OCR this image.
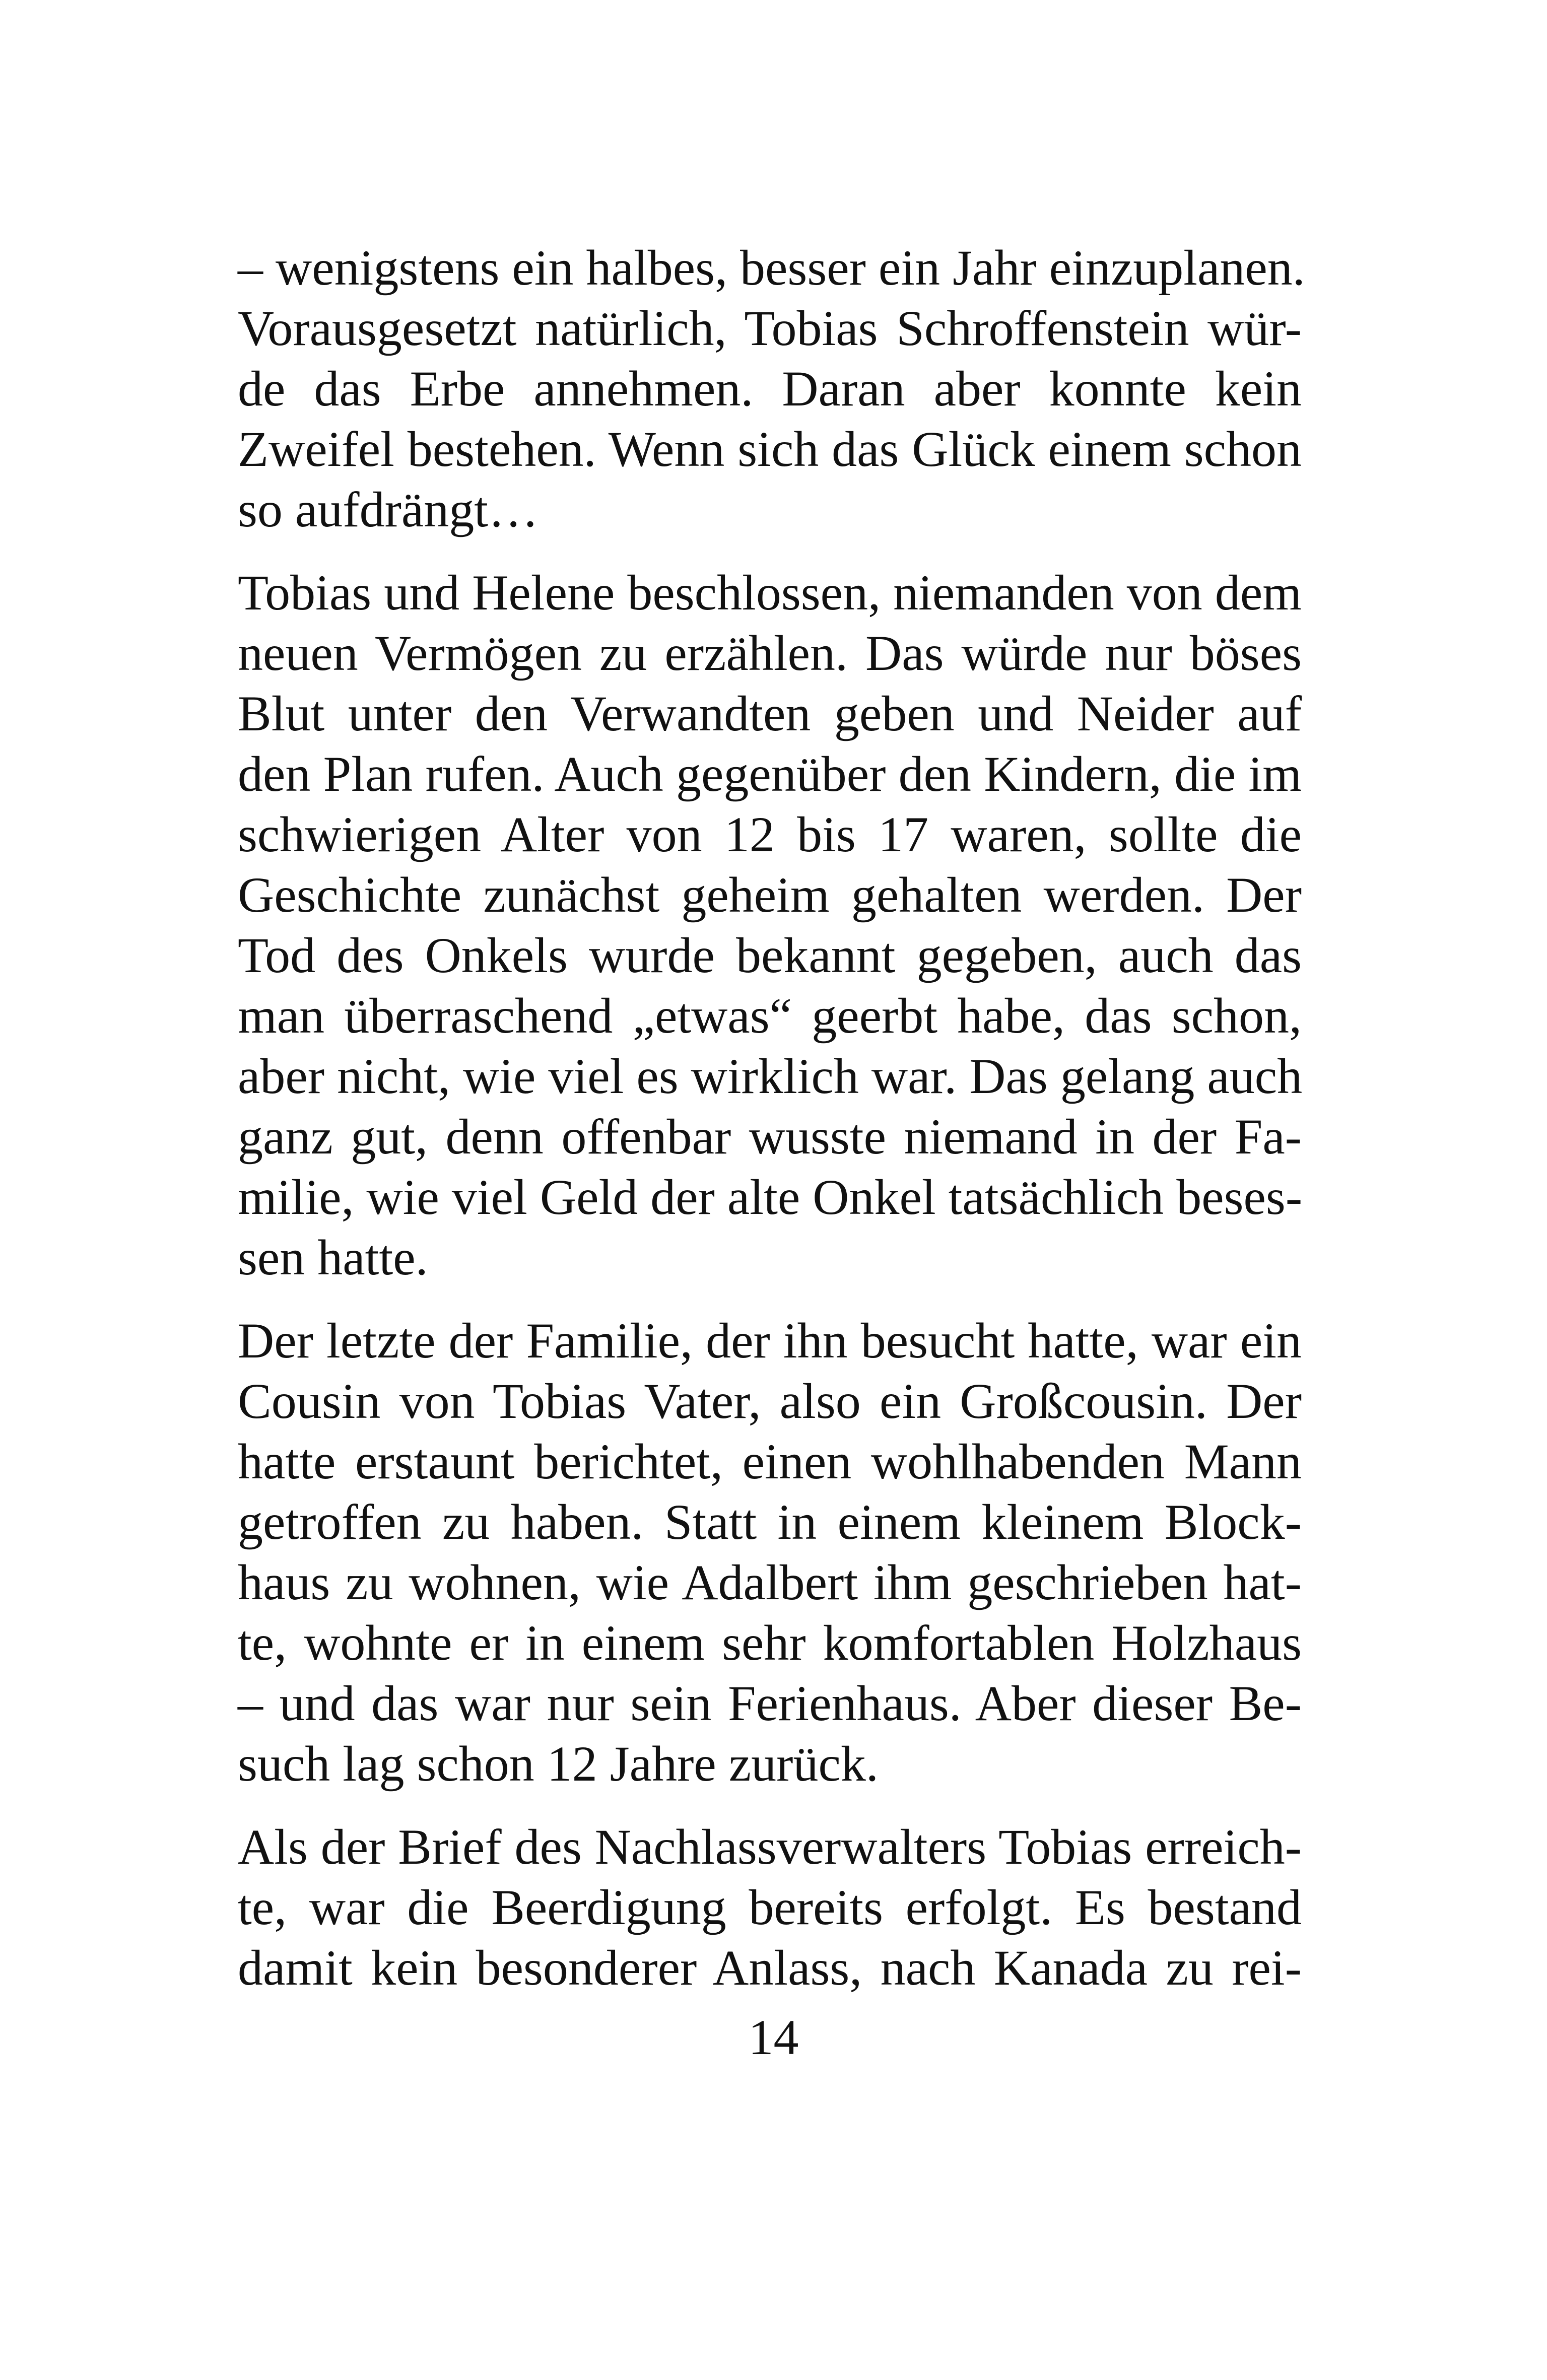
– wenigstens ein halbes, besser ein Jahr einzuplanen.
Vorausgesetzt natürlich, Tobias Schroffenstein wür-
de das Erbe annehmen. Daran aber konnte kein
Zweifel bestehen. Wenn sich das Glück einem schon
so aufdrängt…

Tobias und Helene beschlossen, niemanden von dem
neuen Vermögen zu erzählen. Das würde nur böses
Blut unter den Verwandten geben und Neider auf
den Plan rufen. Auch gegenüber den Kindern, die im
schwierigen Alter von 12 bis 17 waren, sollte die
Geschichte zunächst geheim gehalten werden. Der
Tod des Onkels wurde bekannt gegeben, auch das
man überraschend „etwas“ geerbt habe, das schon,
aber nicht, wie viel es wirklich war. Das gelang auch
ganz gut, denn offenbar wusste niemand in der Fa-
milie, wie viel Geld der alte Onkel tatsächlich beses-
sen hatte.

Der letzte der Familie, der ihn besucht hatte, war ein
Cousin von Tobias Vater, also ein Großcousin. Der
hatte erstaunt berichtet, einen wohlhabenden Mann
getroffen zu haben. Statt in einem kleinem Block-
haus zu wohnen, wie Adalbert ihm geschrieben hat-
te, wohnte er in einem sehr komfortablen Holzhaus
– und das war nur sein Ferienhaus. Aber dieser Be-
such lag schon 12 Jahre zurück.

Als der Brief des Nachlassverwalters Tobias erreich-
te, war die Beerdigung bereits erfolgt. Es bestand
damit kein besonderer Anlass, nach Kanada zu rei-

14
